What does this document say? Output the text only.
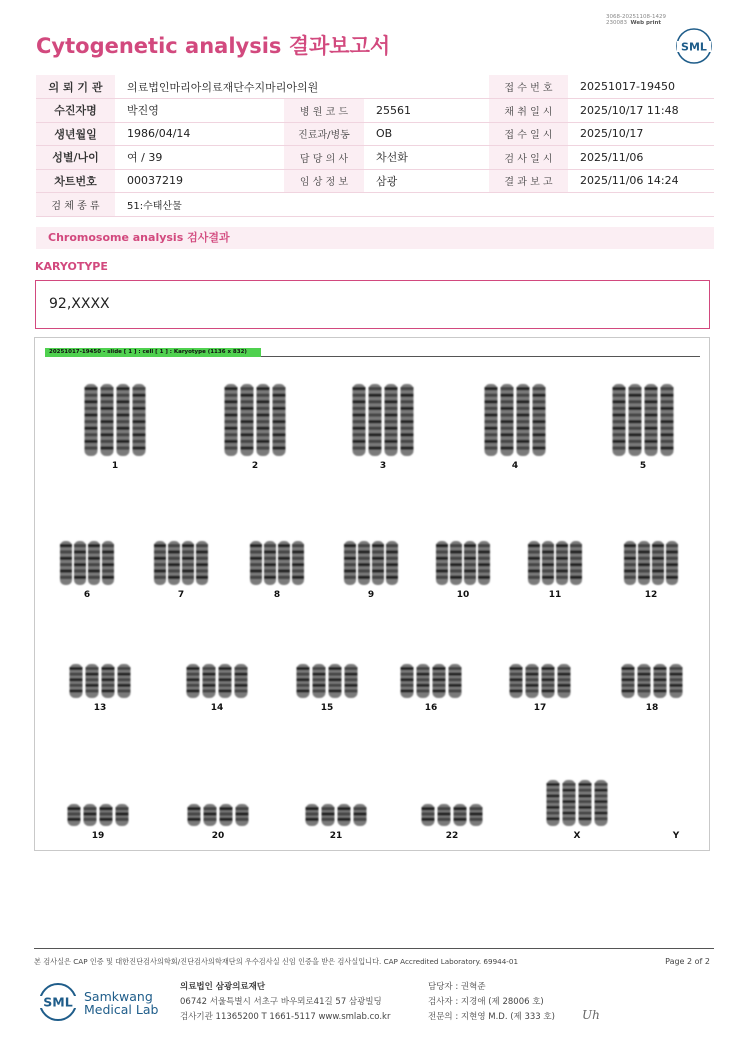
3068-20251108-1429
230083 Web print
Cytogenetic analysis 결과보고서	SML
의 뢰 기 관	의료법인마리아의료재단수지마리아의원			접 수 번 호	20251017-19450
수진자명	박진영	병 원 코 드	25561	채 취 일 시	2025/10/17 11:48
생년월일	1986/04/14	진료과/병동	OB	접 수 일 시	2025/10/17
성별/나이	여 / 39	담 당 의 사	차선화	검 사 일 시	2025/11/06
차트번호	00037219	임 상 정 보	삼광	결 과 보 고	2025/11/06 14:24
검 체 종 류	51:수태산물				
Chromosome analysis 검사결과
KARYOTYPE
92,XXXX
20251017-19450 - slide [ 1 ] : cell [ 1 ] : Karyotype (1136 x 832)
1	2	3	4	5
6	7	8	9	10	11	12
13	14	15	16	17	18
19	20	21	22	X	Y
본 검사실은 CAP 인증 및 대한진단검사의학회/진단검사의학재단의 우수검사실 신임 인증을 받은 검사실입니다. CAP Accredited Laboratory. 69944-01	Page 2 of 2
SML Samkwang
Medical Lab
의료법인 삼광의료재단
06742 서울특별시 서초구 바우뫼로41길 57 삼광빌딩
검사기관 11365200 T 1661-5117 www.smlab.co.kr
담당자 : 권혁준
검사자 : 지경애 (제 28006 호)
전문의 : 지현영 M.D. (제 333 호) Uh
